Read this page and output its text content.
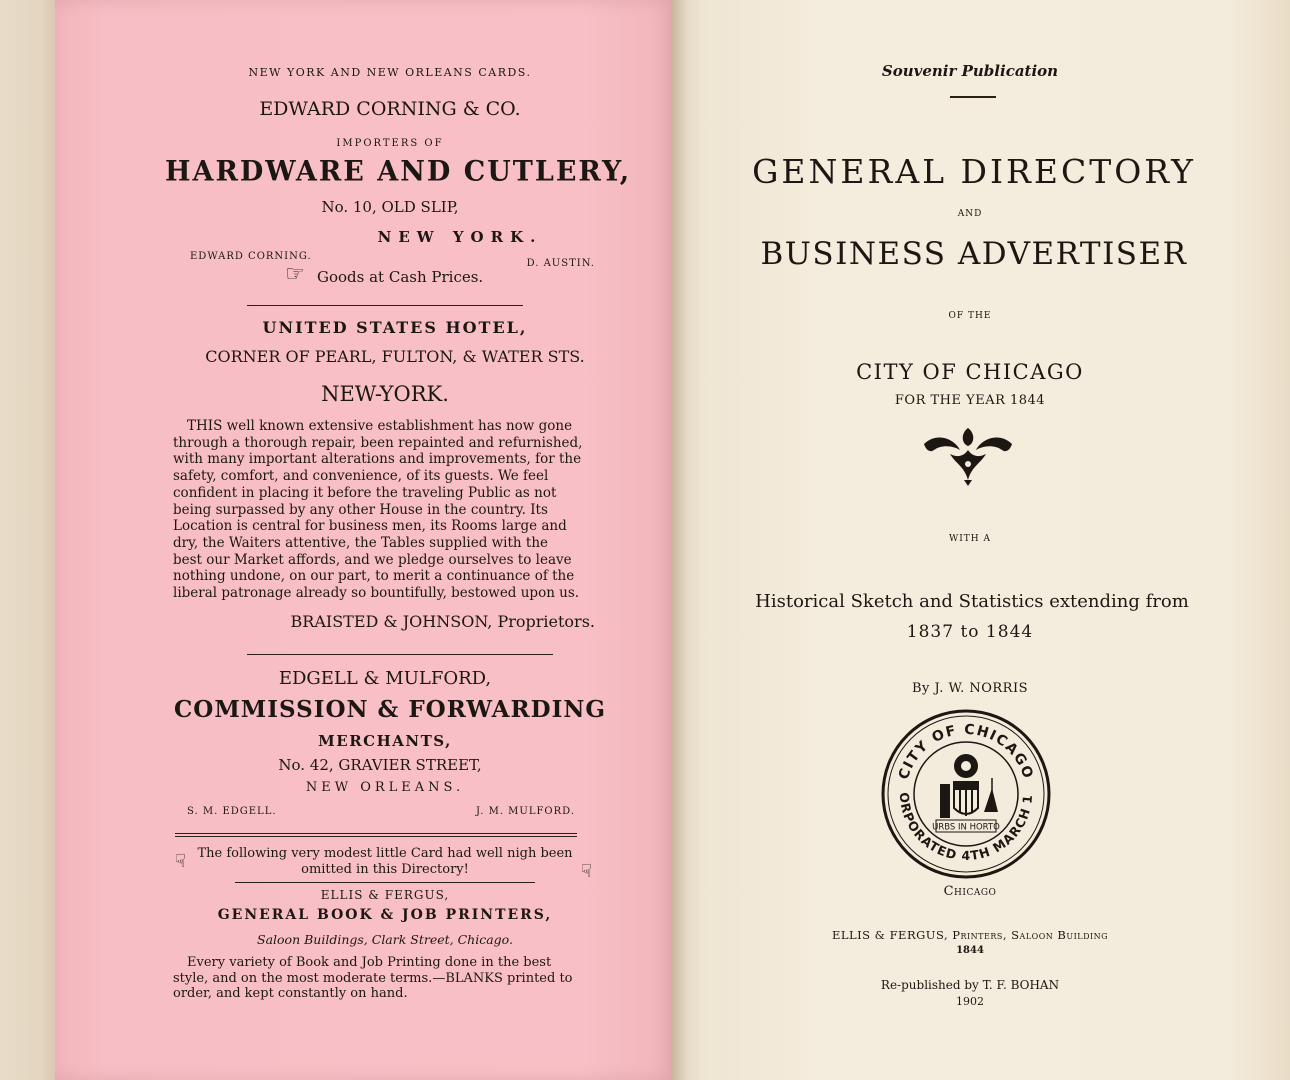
NEW YORK AND NEW ORLEANS CARDS.
EDWARD CORNING & CO.
IMPORTERS OF
HARDWARE AND CUTLERY,
No. 10, OLD SLIP,
NEW YORK.
EDWARD CORNING.
D. AUSTIN.
☞ Goods at Cash Prices.
UNITED STATES HOTEL,
CORNER OF PEARL, FULTON, & WATER STS.
NEW-YORK.
THIS well known extensive establishment has now gone
through a thorough repair, been repainted and refurnished,
with many important alterations and improvements, for the
safety, comfort, and convenience, of its guests. We feel
confident in placing it before the traveling Public as not
being surpassed by any other House in the country. Its
Location is central for business men, its Rooms large and
dry, the Waiters attentive, the Tables supplied with the
best our Market affords, and we pledge ourselves to leave
nothing undone, on our part, to merit a continuance of the
liberal patronage already so bountifully, bestowed upon us.
BRAISTED & JOHNSON, Proprietors.
EDGELL & MULFORD,
COMMISSION & FORWARDING
MERCHANTS,
No. 42, GRAVIER STREET,
NEW ORLEANS.
S. M. EDGELL.	J. M. MULFORD.
☞
☞
The following very modest little Card had well nigh been
omitted in this Directory!
ELLIS & FERGUS,
GENERAL BOOK & JOB PRINTERS,
Saloon Buildings, Clark Street, Chicago.
Every variety of Book and Job Printing done in the best
style, and on the most moderate terms.—BLANKS printed to
order, and kept constantly on hand.
Souvenir Publication
GENERAL DIRECTORY
AND
BUSINESS ADVERTISER
OF THE
CITY OF CHICAGO
FOR THE YEAR 1844
WITH A
Historical Sketch and Statistics extending from
1837 to 1844
By J. W. NORRIS
CITY OF CHICAGO
ORPORATED 4TH MARCH 1
URBS IN HORTO
Chicago
ELLIS & FERGUS, Printers, Saloon Building
1844
Re-published by T. F. BOHAN
1902
